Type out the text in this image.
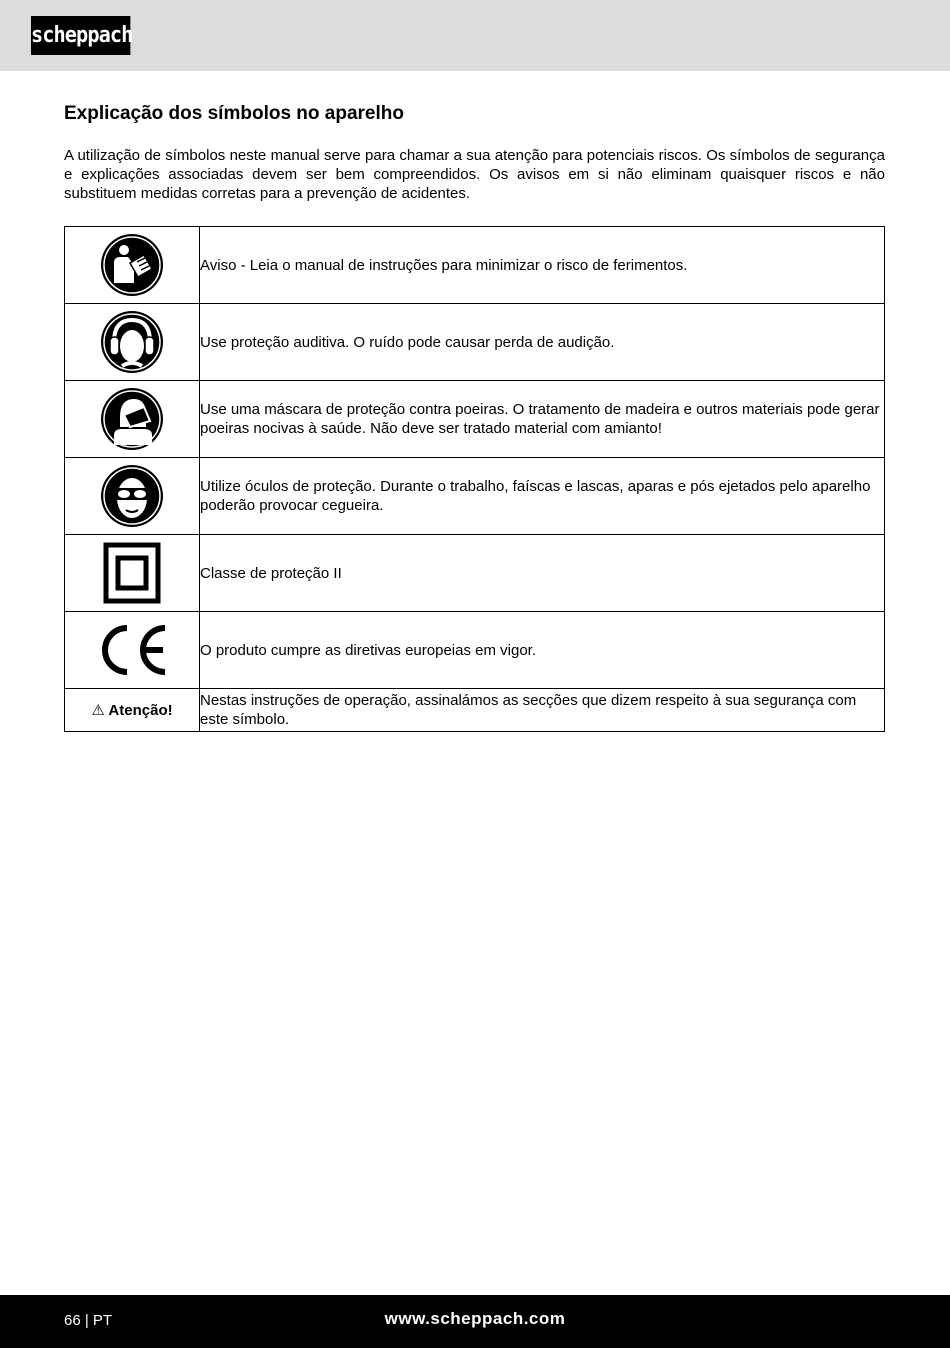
scheppach
Explicação dos símbolos no aparelho

A utilização de símbolos neste manual serve para chamar a sua atenção para potenciais riscos. Os símbolos de segurança e explicações associadas devem ser bem compreendidos. Os avisos em si não eliminam quaisquer riscos e não substituem medidas corretas para a prevenção de acidentes.

	Aviso - Leia o manual de instruções para minimizar o risco de ferimentos.

	Use proteção auditiva. O ruído pode causar perda de audição.

	Use uma máscara de proteção contra poeiras. O tratamento de madeira e outros materiais pode gerar poeiras nocivas à saúde. Não deve ser tratado material com amianto!

	Utilize óculos de proteção. Durante o trabalho, faíscas e lascas, aparas e pós ejetados pelo aparelho poderão provocar cegueira.

	Classe de proteção II

	O produto cumpre as diretivas europeias em vigor.
⚠ Atenção!	Nestas instruções de operação, assinalámos as secções que dizem respeito à sua segurança com este símbolo.
66 | PT	www.scheppach.com
